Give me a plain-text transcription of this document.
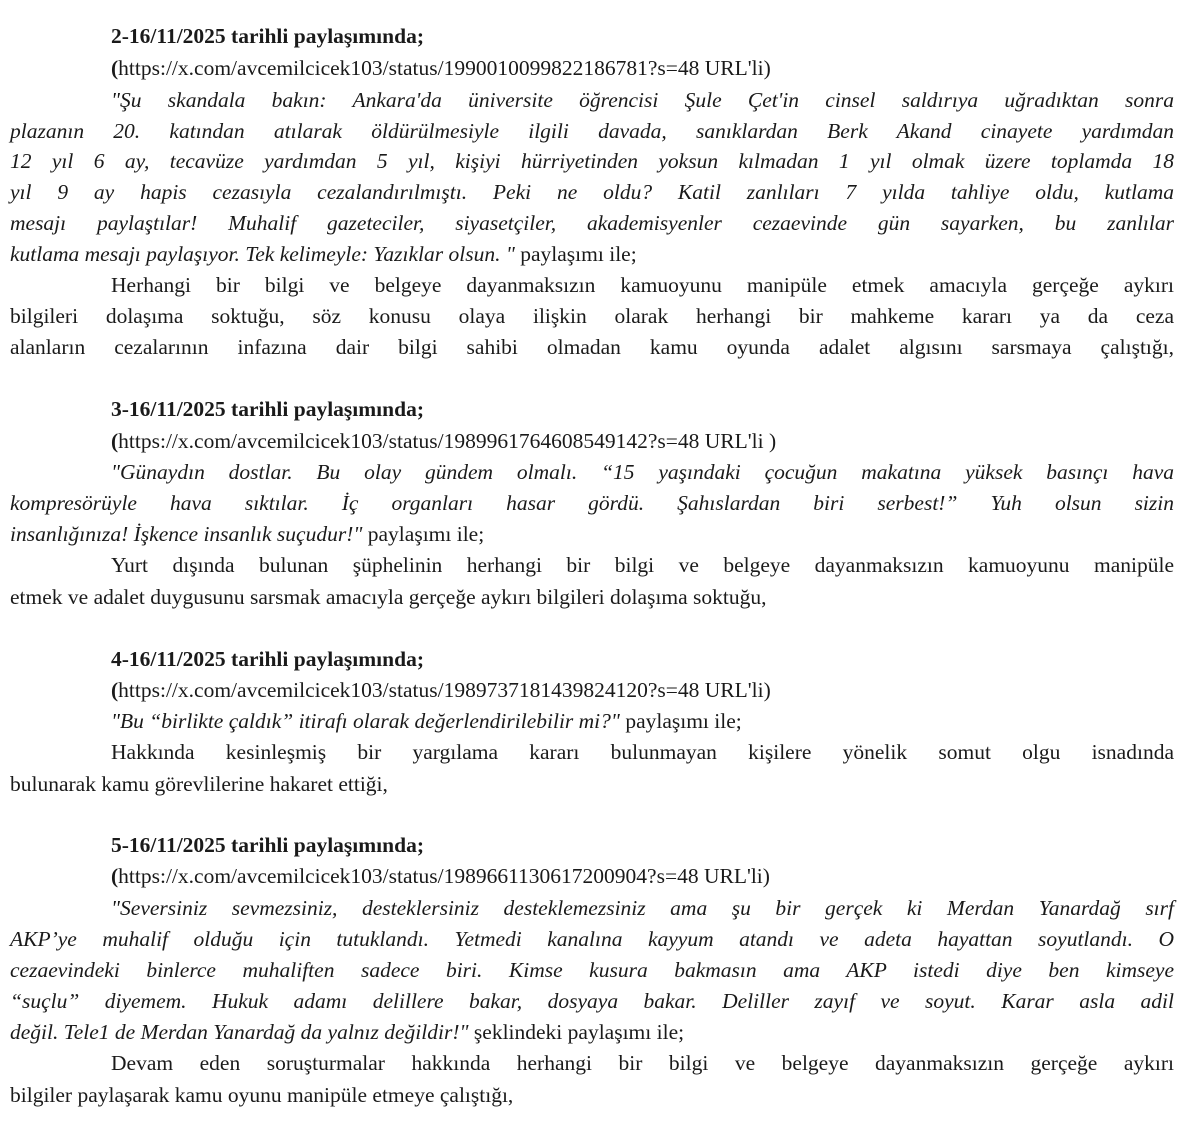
2-16/11/2025 tarihli paylaşımında;
(https://x.com/avcemilcicek103/status/1990010099822186781?s=48 URL'li)
"Şu skandala bakın: Ankara'da üniversite öğrencisi Şule Çet'in cinsel saldırıya uğradıktan sonra
plazanın 20. katından atılarak öldürülmesiyle ilgili davada, sanıklardan Berk Akand cinayete yardımdan
12 yıl 6 ay, tecavüze yardımdan 5 yıl, kişiyi hürriyetinden yoksun kılmadan 1 yıl olmak üzere toplamda 18
yıl 9 ay hapis cezasıyla cezalandırılmıştı. Peki ne oldu? Katil zanlıları 7 yılda tahliye oldu, kutlama
mesajı paylaştılar! Muhalif gazeteciler, siyasetçiler, akademisyenler cezaevinde gün sayarken, bu zanlılar
kutlama mesajı paylaşıyor. Tek kelimeyle: Yazıklar olsun. " paylaşımı ile;
Herhangi bir bilgi ve belgeye dayanmaksızın kamuoyunu manipüle etmek amacıyla gerçeğe aykırı
bilgileri dolaşıma soktuğu, söz konusu olaya ilişkin olarak herhangi bir mahkeme kararı ya da ceza
alanların cezalarının infazına dair bilgi sahibi olmadan kamu oyunda adalet algısını sarsmaya çalıştığı,
3-16/11/2025 tarihli paylaşımında;
(https://x.com/avcemilcicek103/status/1989961764608549142?s=48 URL'li )
"Günaydın dostlar. Bu olay gündem olmalı. “15 yaşındaki çocuğun makatına yüksek basınçı hava
kompresörüyle hava sıktılar. İç organları hasar gördü. Şahıslardan biri serbest!” Yuh olsun sizin
insanlığınıza! İşkence insanlık suçudur!" paylaşımı ile;
Yurt dışında bulunan şüphelinin herhangi bir bilgi ve belgeye dayanmaksızın kamuoyunu manipüle
etmek ve adalet duygusunu sarsmak amacıyla gerçeğe aykırı bilgileri dolaşıma soktuğu,
4-16/11/2025 tarihli paylaşımında;
(https://x.com/avcemilcicek103/status/1989737181439824120?s=48 URL'li)
"Bu “birlikte çaldık” itirafı olarak değerlendirilebilir mi?" paylaşımı ile;
Hakkında kesinleşmiş bir yargılama kararı bulunmayan kişilere yönelik somut olgu isnadında
bulunarak kamu görevlilerine hakaret ettiği,
5-16/11/2025 tarihli paylaşımında;
(https://x.com/avcemilcicek103/status/1989661130617200904?s=48 URL'li)
"Seversiniz sevmezsiniz, desteklersiniz desteklemezsiniz ama şu bir gerçek ki Merdan Yanardağ sırf
AKP’ye muhalif olduğu için tutuklandı. Yetmedi kanalına kayyum atandı ve adeta hayattan soyutlandı. O
cezaevindeki binlerce muhaliften sadece biri. Kimse kusura bakmasın ama AKP istedi diye ben kimseye
“suçlu” diyemem. Hukuk adamı delillere bakar, dosyaya bakar. Deliller zayıf ve soyut. Karar asla adil
değil. Tele1 de Merdan Yanardağ da yalnız değildir!" şeklindeki paylaşımı ile;
Devam eden soruşturmalar hakkında herhangi bir bilgi ve belgeye dayanmaksızın gerçeğe aykırı
bilgiler paylaşarak kamu oyunu manipüle etmeye çalıştığı,
